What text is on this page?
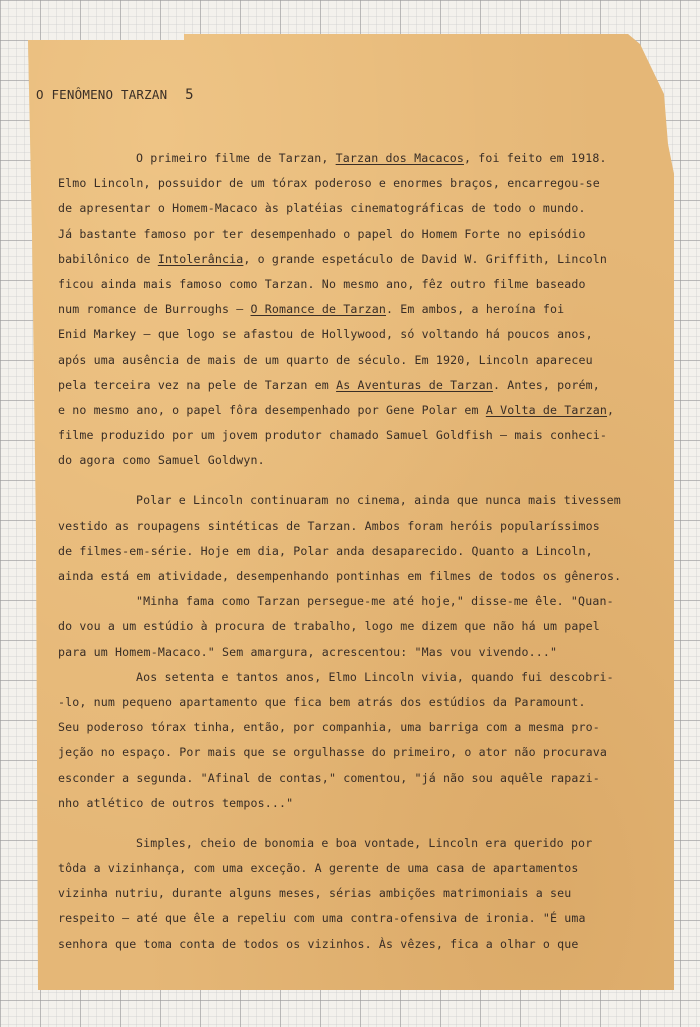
O FENÔMENO TARZAN 5
O primeiro filme de Tarzan, Tarzan dos Macacos, foi feito em 1918.
Elmo Lincoln, possuidor de um tórax poderoso e enormes braços, encarregou-se
de apresentar o Homem-Macaco às platéias cinematográficas de todo o mundo.
Já bastante famoso por ter desempenhado o papel do Homem Forte no episódio
babilônico de Intolerância, o grande espetáculo de David W. Griffith, Lincoln
ficou ainda mais famoso como Tarzan. No mesmo ano, fêz outro filme baseado
num romance de Burroughs — O Romance de Tarzan. Em ambos, a heroína foi
Enid Markey — que logo se afastou de Hollywood, só voltando há poucos anos,
após uma ausência de mais de um quarto de século. Em 1920, Lincoln apareceu
pela terceira vez na pele de Tarzan em As Aventuras de Tarzan. Antes, porém,
e no mesmo ano, o papel fôra desempenhado por Gene Polar em A Volta de Tarzan,
filme produzido por um jovem produtor chamado Samuel Goldfish — mais conheci-
do agora como Samuel Goldwyn.
Polar e Lincoln continuaram no cinema, ainda que nunca mais tivessem
vestido as roupagens sintéticas de Tarzan. Ambos foram heróis popularíssimos
de filmes-em-série. Hoje em dia, Polar anda desaparecido. Quanto a Lincoln,
ainda está em atividade, desempenhando pontinhas em filmes de todos os gêneros.
"Minha fama como Tarzan persegue-me até hoje," disse-me êle. "Quan-
do vou a um estúdio à procura de trabalho, logo me dizem que não há um papel
para um Homem-Macaco." Sem amargura, acrescentou: "Mas vou vivendo..."
Aos setenta e tantos anos, Elmo Lincoln vivia, quando fui descobri-
-lo, num pequeno apartamento que fica bem atrás dos estúdios da Paramount.
Seu poderoso tórax tinha, então, por companhia, uma barriga com a mesma pro-
jeção no espaço. Por mais que se orgulhasse do primeiro, o ator não procurava
esconder a segunda. "Afinal de contas," comentou, "já não sou aquêle rapazi-
nho atlético de outros tempos..."
Simples, cheio de bonomia e boa vontade, Lincoln era querido por
tôda a vizinhança, com uma exceção. A gerente de uma casa de apartamentos
vizinha nutriu, durante alguns meses, sérias ambições matrimoniais a seu
respeito — até que êle a repeliu com uma contra-ofensiva de ironia. "É uma
senhora que toma conta de todos os vizinhos. Às vêzes, fica a olhar o que
